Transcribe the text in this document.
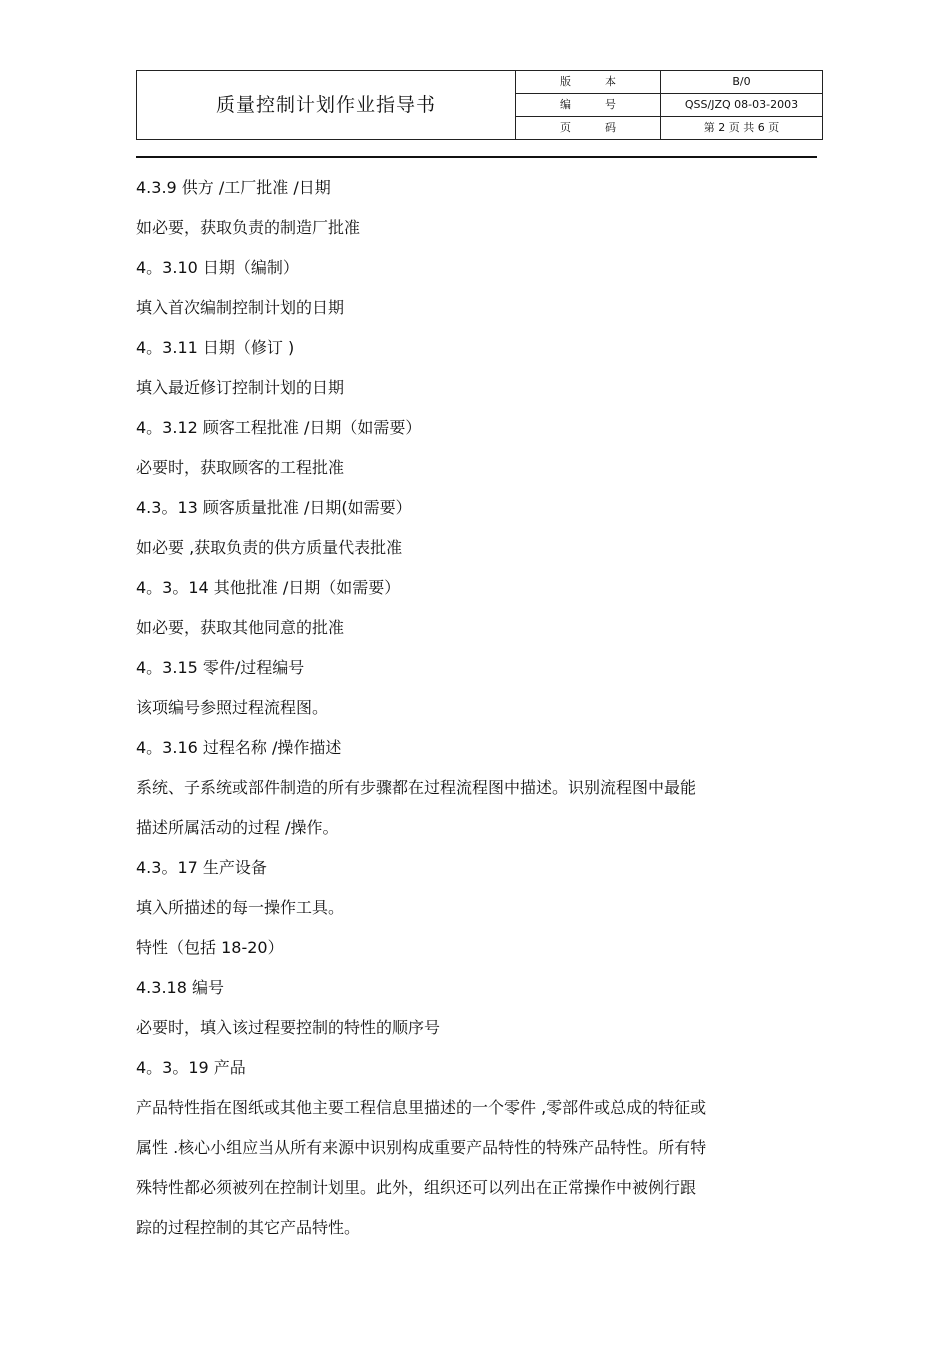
质量控制计划作业指导书	版本	B/0
	编号	QSS/JZQ 08-03-2003
	页码	第 2 页 共 6 页

4.3.9 供方 /工厂批准 /日期

如必要，获取负责的制造厂批准

4。3.10 日期（编制）

填入首次编制控制计划的日期

4。3.11 日期（修订 )

填入最近修订控制计划的日期

4。3.12 顾客工程批准 /日期（如需要）

必要时，获取顾客的工程批准

4.3。13 顾客质量批准 /日期(如需要）

如必要 ,获取负责的供方质量代表批准

4。3。14 其他批准 /日期（如需要）

如必要，获取其他同意的批准

4。3.15 零件/过程编号

该项编号参照过程流程图。

4。3.16 过程名称 /操作描述

系统、子系统或部件制造的所有步骤都在过程流程图中描述。识别流程图中最能

描述所属活动的过程 /操作。

4.3。17 生产设备

填入所描述的每一操作工具。

特性（包括 18-20）

4.3.18 编号

必要时，填入该过程要控制的特性的顺序号

4。3。19 产品

产品特性指在图纸或其他主要工程信息里描述的一个零件 ,零部件或总成的特征或

属性 .核心小组应当从所有来源中识别构成重要产品特性的特殊产品特性。所有特

殊特性都必须被列在控制计划里。此外，组织还可以列出在正常操作中被例行跟

踪的过程控制的其它产品特性。
